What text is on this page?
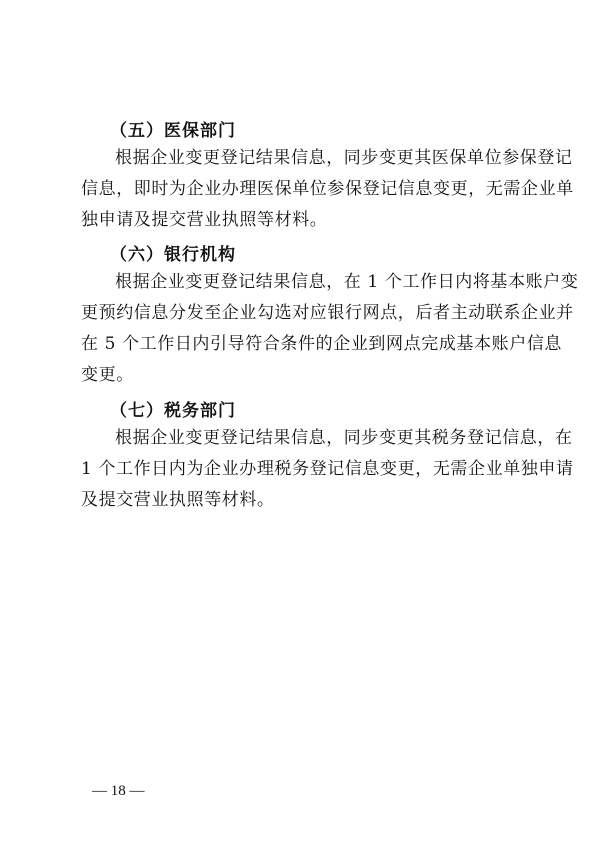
（五）医保部门
根据企业变更登记结果信息，同步变更其医保单位参保登记
信息，即时为企业办理医保单位参保登记信息变更，无需企业单
独申请及提交营业执照等材料。
（六）银行机构
根据企业变更登记结果信息，在 1 个工作日内将基本账户变
更预约信息分发至企业勾选对应银行网点，后者主动联系企业并
在 5 个工作日内引导符合条件的企业到网点完成基本账户信息
变更。
（七）税务部门
根据企业变更登记结果信息，同步变更其税务登记信息，在
1 个工作日内为企业办理税务登记信息变更，无需企业单独申请
及提交营业执照等材料。
— 18 —
